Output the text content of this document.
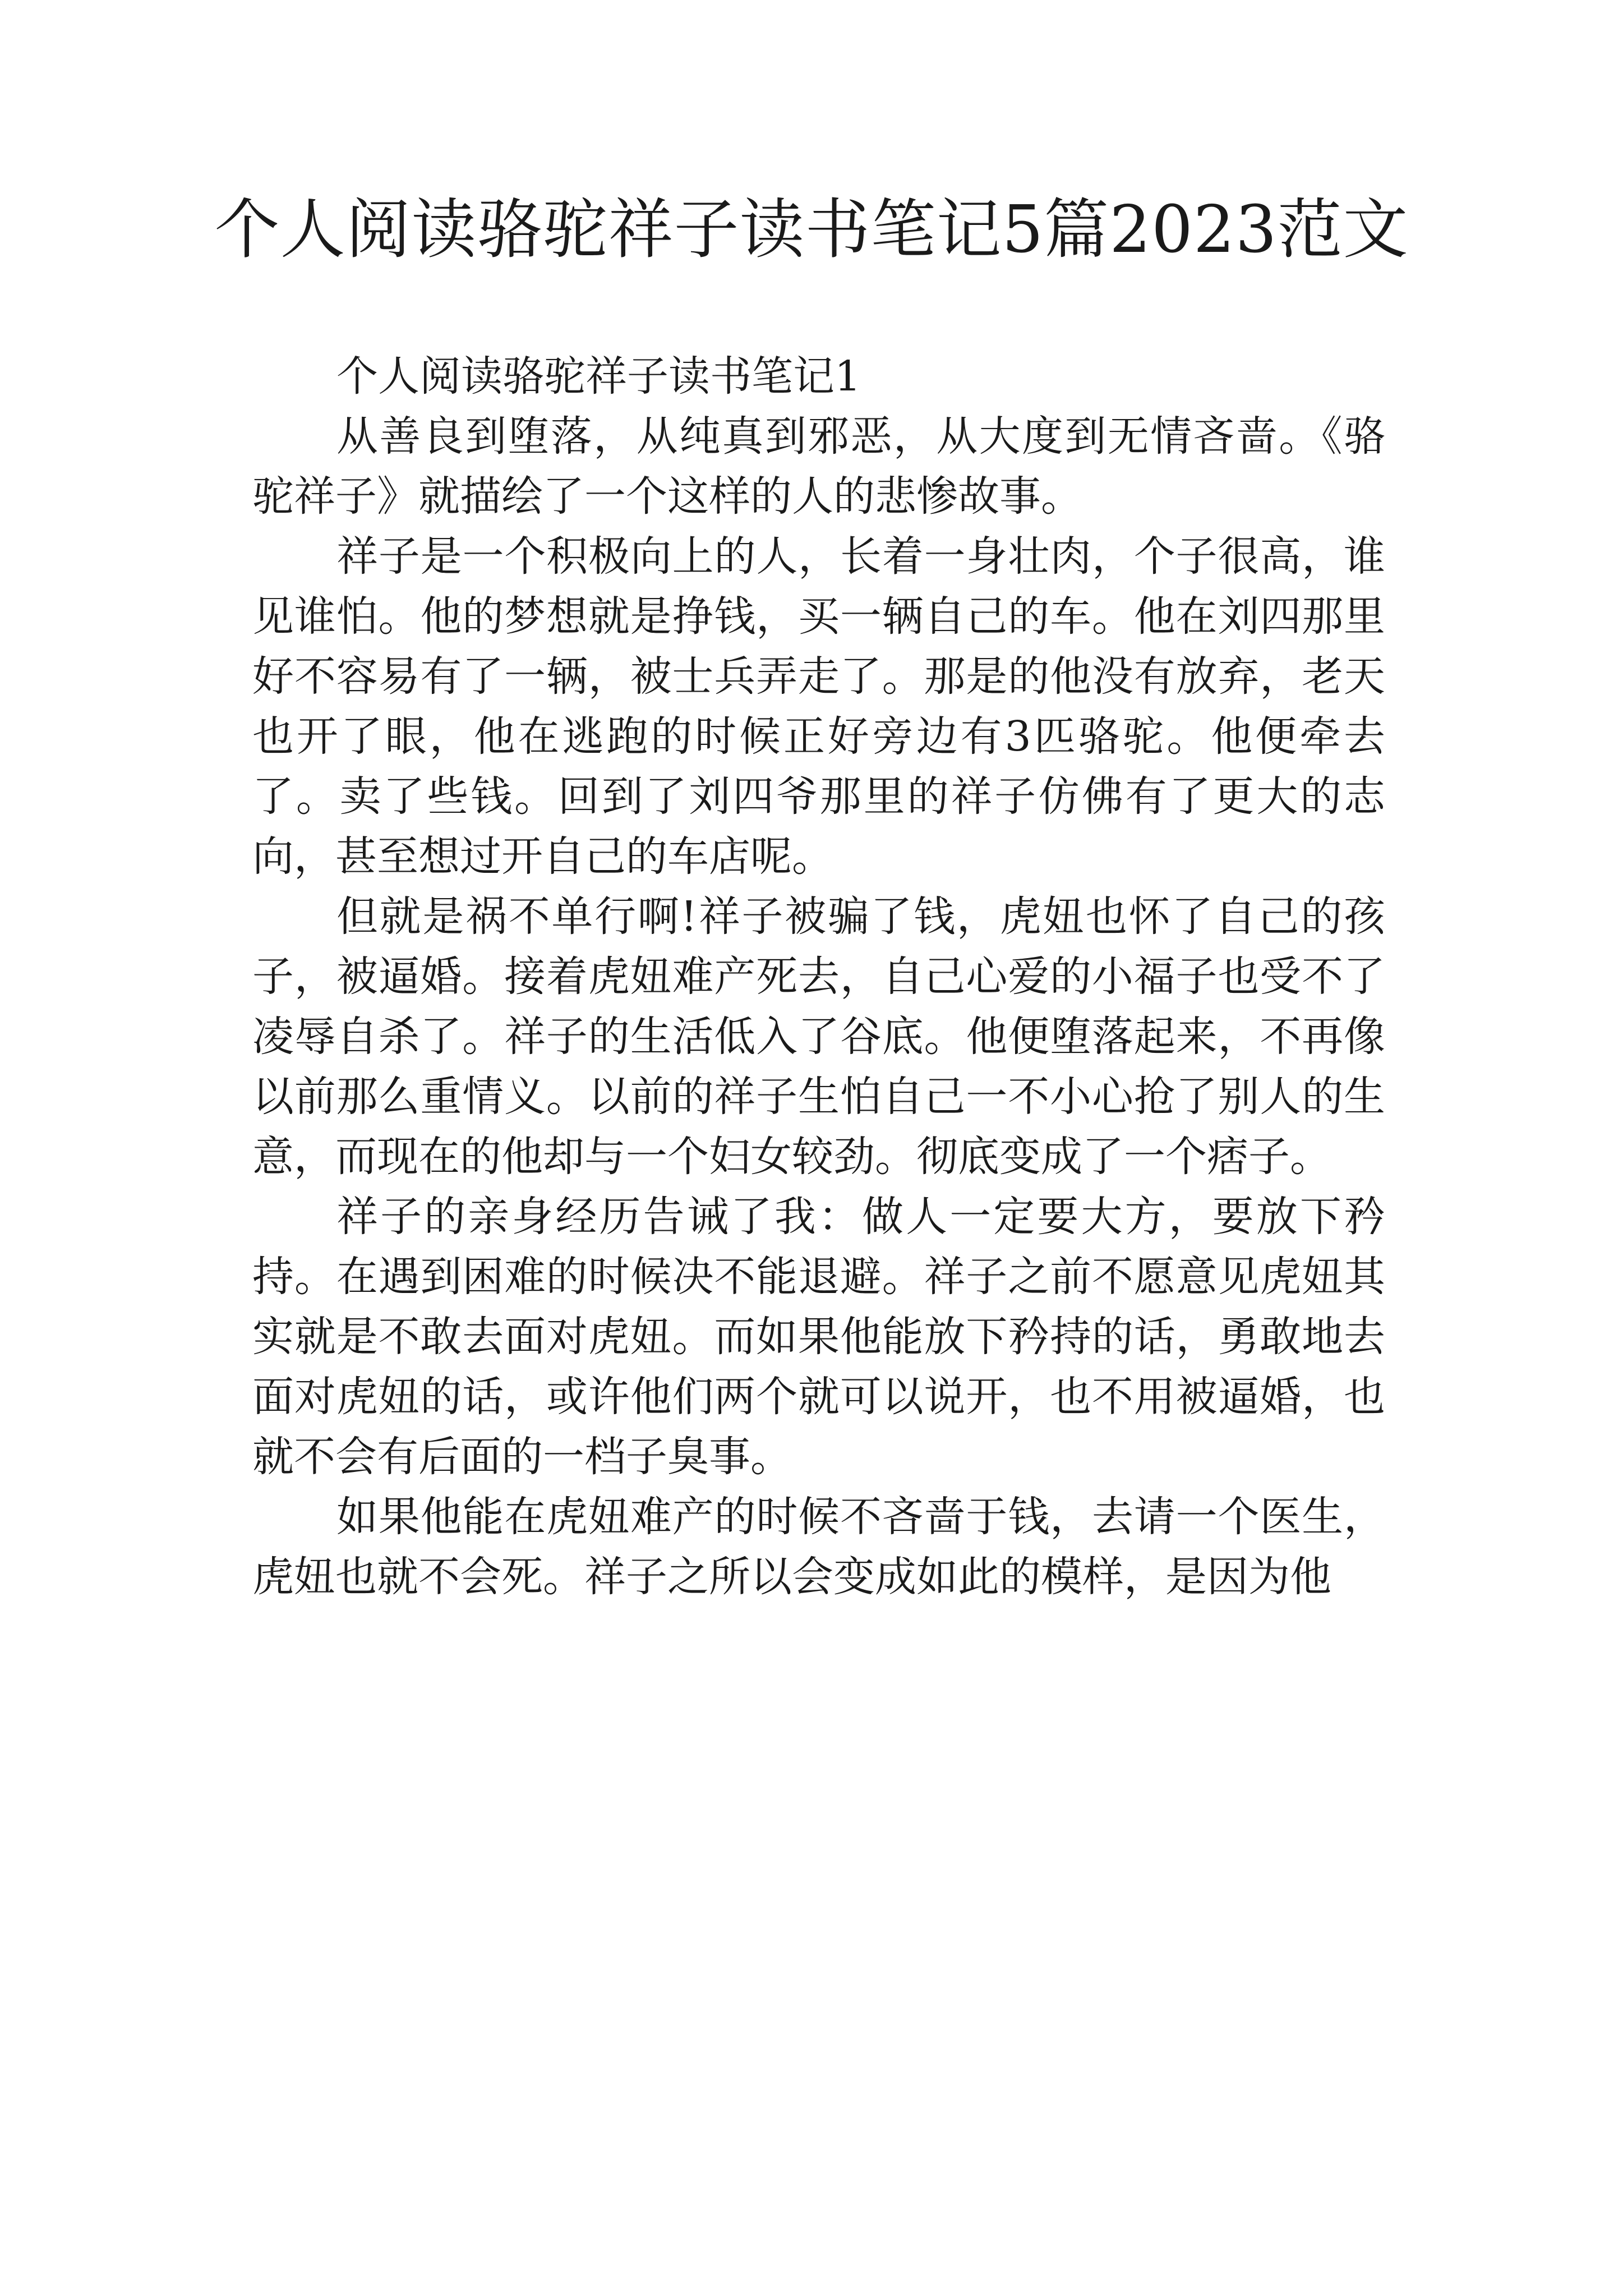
个人阅读骆驼祥子读书笔记5篇2023范文

个人阅读骆驼祥子读书笔记1

从善良到堕落，从纯真到邪恶，从大度到无情吝啬。《骆驼祥子》就描绘了一个这样的人的悲惨故事。

祥子是一个积极向上的人，长着一身壮肉，个子很高，谁见谁怕。他的梦想就是挣钱，买一辆自己的车。他在刘四那里好不容易有了一辆，被士兵弄走了。那是的他没有放弃，老天也开了眼，他在逃跑的时候正好旁边有3匹骆驼。他便牵去了。卖了些钱。回到了刘四爷那里的祥子仿佛有了更大的志向，甚至想过开自己的车店呢。

但就是祸不单行啊!祥子被骗了钱，虎妞也怀了自己的孩子，被逼婚。接着虎妞难产死去，自己心爱的小福子也受不了凌辱自杀了。祥子的生活低入了谷底。他便堕落起来，不再像以前那么重情义。以前的祥子生怕自己一不小心抢了别人的生意，而现在的他却与一个妇女较劲。彻底变成了一个痞子。

祥子的亲身经历告诫了我：做人一定要大方，要放下矜持。在遇到困难的时候决不能退避。祥子之前不愿意见虎妞其实就是不敢去面对虎妞。而如果他能放下矜持的话，勇敢地去面对虎妞的话，或许他们两个就可以说开，也不用被逼婚，也就不会有后面的一档子臭事。

如果他能在虎妞难产的时候不吝啬于钱，去请一个医生，虎妞也就不会死。祥子之所以会变成如此的模样，是因为他
